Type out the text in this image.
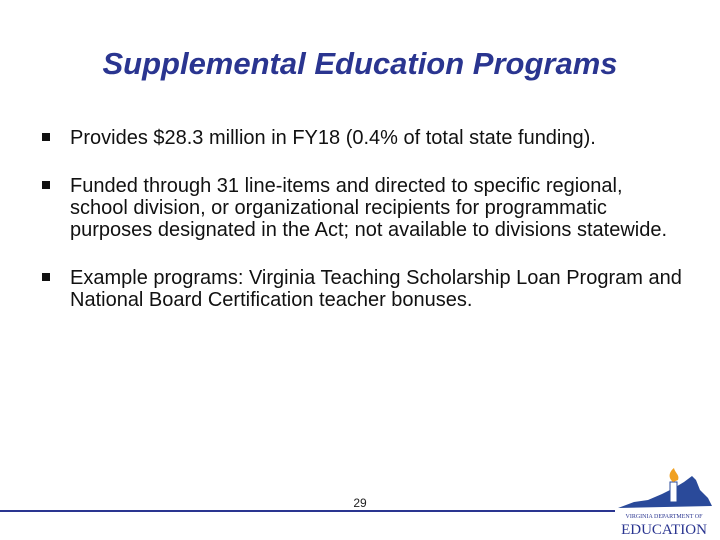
Supplemental Education Programs
Provides $28.3 million in FY18 (0.4% of total state funding).
Funded through 31 line-items and directed to specific regional, school division, or organizational recipients for programmatic purposes designated in the Act; not available to divisions statewide.
Example programs: Virginia Teaching Scholarship Loan Program and National Board Certification teacher bonuses.
29
VIRGINIA DEPARTMENT OF
EDUCATION
